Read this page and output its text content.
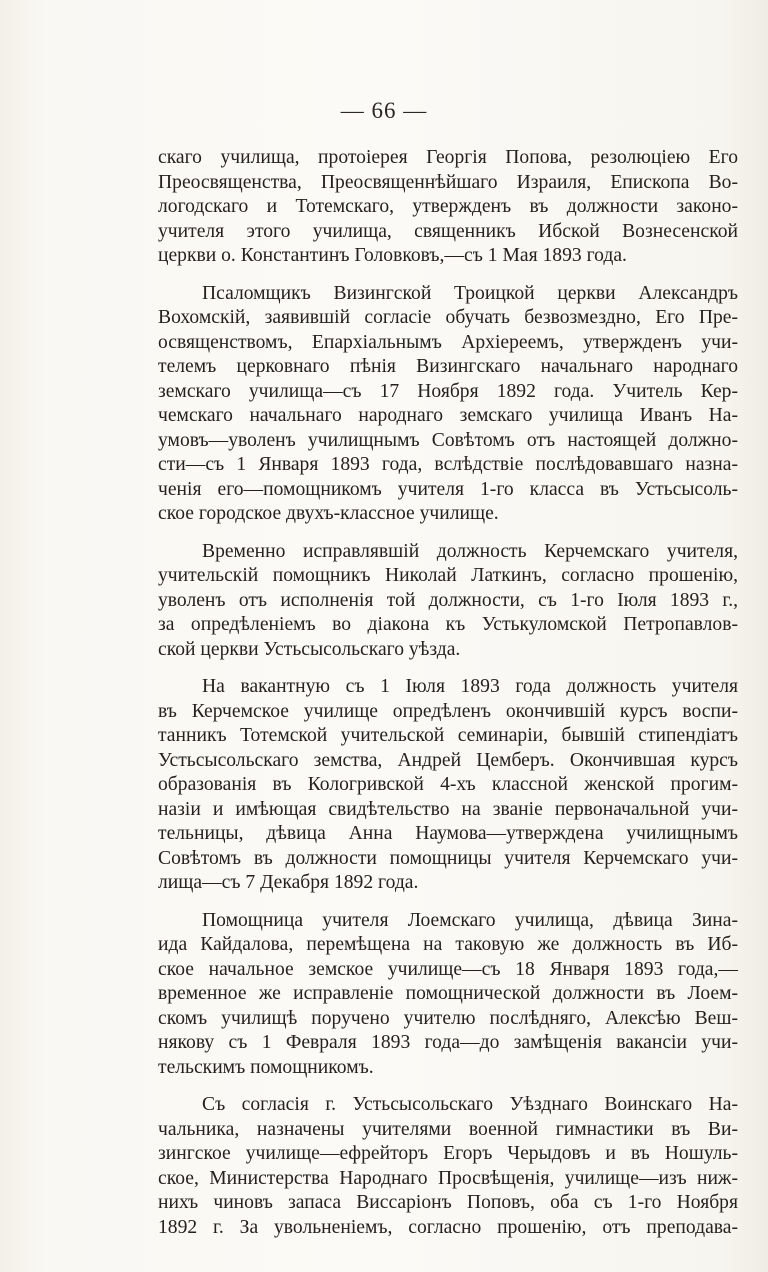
— 66 —
скаго училища, протоіерея Георгія Попова, резолюціею Его
Преосвященства, Преосвященнѣйшаго Израиля, Епископа Во-
логодскаго и Тотемскаго, утвержденъ въ должности законо-
учителя этого училища, священникъ Ибской Вознесенской
церкви о. Константинъ Головковъ,—съ 1 Мая 1893 года.
Псаломщикъ Визингской Троицкой церкви Александръ
Вохомскій, заявившій согласіе обучать безвозмездно, Его Пре-
освященствомъ, Епархіальнымъ Архіереемъ, утвержденъ учи-
телемъ церковнаго пѣнія Визингскаго начальнаго народнаго
земскаго училища—съ 17 Ноября 1892 года. Учитель Кер-
чемскаго начальнаго народнаго земскаго училища Иванъ На-
умовъ—уволенъ училищнымъ Совѣтомъ отъ настоящей должно-
сти—съ 1 Января 1893 года, вслѣдствіе послѣдовавшаго назна-
ченія его—помощникомъ учителя 1-го класса въ Устьсысоль-
ское городское двухъ-классное училище.
Временно исправлявшій должность Керчемскаго учителя,
учительскій помощникъ Николай Латкинъ, согласно прошенію,
уволенъ отъ исполненія той должности, съ 1-го Іюля 1893 г.,
за опредѣленіемъ во діакона къ Устькуломской Петропавлов-
ской церкви Устьсысольскаго уѣзда.
На вакантную съ 1 Іюля 1893 года должность учителя
въ Керчемское училище опредѣленъ окончившій курсъ воспи-
танникъ Тотемской учительской семинаріи, бывшій стипендіатъ
Устьсысольскаго земства, Андрей Цемберъ. Окончившая курсъ
образованія въ Кологривской 4-хъ классной женской прогим-
назіи и имѣющая свидѣтельство на званіе первоначальной учи-
тельницы, дѣвица Анна Наумова—утверждена училищнымъ
Совѣтомъ въ должности помощницы учителя Керчемскаго учи-
лища—съ 7 Декабря 1892 года.
Помощница учителя Лоемскаго училища, дѣвица Зина-
ида Кайдалова, перемѣщена на таковую же должность въ Иб-
ское начальное земское училище—съ 18 Января 1893 года,—
временное же исправленіе помощнической должности въ Лоем-
скомъ училищѣ поручено учителю послѣдняго, Алексѣю Веш-
някову съ 1 Февраля 1893 года—до замѣщенія вакансіи учи-
тельскимъ помощникомъ.
Съ согласія г. Устьсысольскаго Уѣзднаго Воинскаго На-
чальника, назначены учителями военной гимнастики въ Ви-
зингское училище—ефрейторъ Егоръ Черыдовъ и въ Ношуль-
ское, Министерства Народнаго Просвѣщенія, училище—изъ ниж-
нихъ чиновъ запаса Виссаріонъ Поповъ, оба съ 1-го Ноября
1892 г. За увольненіемъ, согласно прошенію, отъ преподава-
